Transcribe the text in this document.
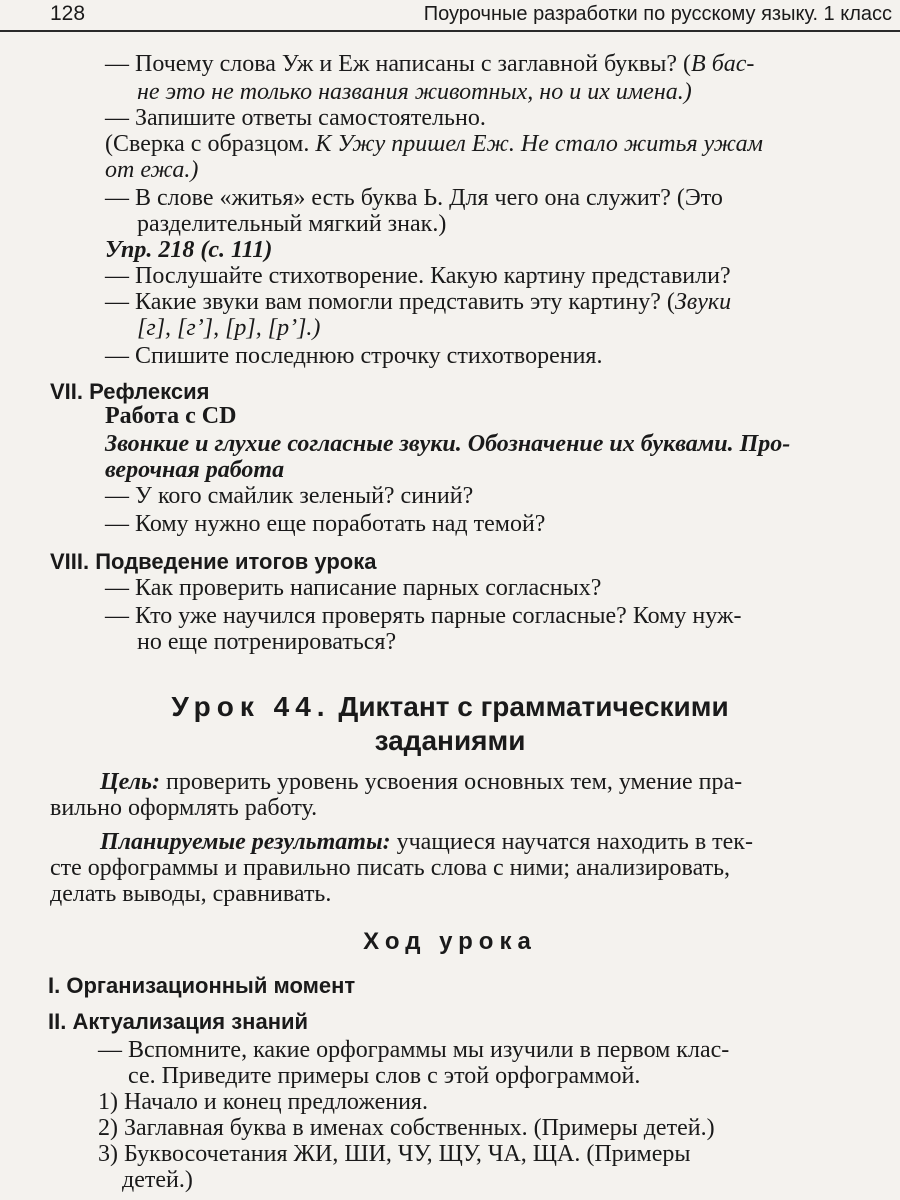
128	Поурочные разработки по русскому языку. 1 класс
— Почему слова Уж и Еж написаны с заглавной буквы? (В бас-
не это не только названия животных, но и их имена.)
— Запишите ответы самостоятельно.
(Сверка с образцом. К Ужу пришел Еж. Не стало житья ужам
от ежа.)
— В слове «житья» есть буква Ь. Для чего она служит? (Это
разделительный мягкий знак.)
Упр. 218 (с. 111)
— Послушайте стихотворение. Какую картину представили?
— Какие звуки вам помогли представить эту картину? (Звуки
[г], [г’], [р], [р’].)
— Спишите последнюю строчку стихотворения.
VII. Рефлексия
Работа с CD
Звонкие и глухие согласные звуки. Обозначение их буквами. Про-
верочная работа
— У кого смайлик зеленый? синий?
— Кому нужно еще поработать над темой?
VIII. Подведение итогов урока
— Как проверить написание парных согласных?
— Кто уже научился проверять парные согласные? Кому нуж-
но еще потренироваться?
Урок 44. Диктант с грамматическими
заданиями
Цель: проверить уровень усвоения основных тем, умение пра-
вильно оформлять работу.
Планируемые результаты: учащиеся научатся находить в тек-
сте орфограммы и правильно писать слова с ними; анализировать,
делать выводы, сравнивать.
Ход урока
I. Организационный момент
II. Актуализация знаний
— Вспомните, какие орфограммы мы изучили в первом клас-
се. Приведите примеры слов с этой орфограммой.
1) Начало и конец предложения.
2) Заглавная буква в именах собственных. (Примеры детей.)
3) Буквосочетания ЖИ, ШИ, ЧУ, ЩУ, ЧА, ЩА. (Примеры
детей.)
